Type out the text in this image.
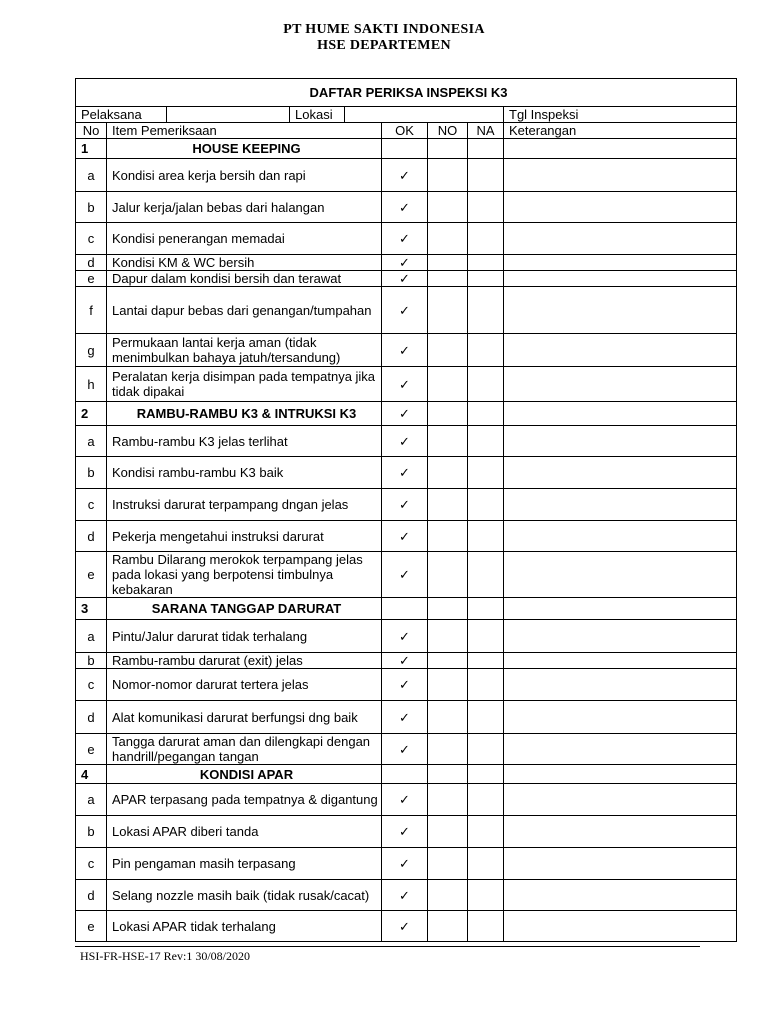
PT HUME SAKTI INDONESIA
HSE DEPARTEMEN
DAFTAR PERIKSA INSPEKSI K3								
Pelaksana			Lokasi					Tgl Inspeksi
No	Item Pemeriksaan				OK	NO	NA	Keterangan
1	HOUSE KEEPING							
a	Kondisi area kerja bersih dan rapi				✓			
b	Jalur kerja/jalan bebas dari halangan				✓			
c	Kondisi penerangan memadai				✓			
d	Kondisi KM & WC bersih				✓			
e	Dapur dalam kondisi bersih dan terawat				✓			
f	Lantai dapur bebas dari genangan/tumpahan				✓			
g	Permukaan lantai kerja aman (tidak menimbulkan bahaya jatuh/tersandung)				✓			
h	Peralatan kerja disimpan pada tempatnya jika tidak dipakai				✓			
2	RAMBU-RAMBU K3 & INTRUKSI K3				✓			
a	Rambu-rambu K3 jelas terlihat				✓			
b	Kondisi rambu-rambu K3 baik				✓			
c	Instruksi darurat terpampang dngan jelas				✓			
d	Pekerja mengetahui instruksi darurat				✓			
e	Rambu Dilarang merokok terpampang jelas pada lokasi yang berpotensi timbulnya kebakaran				✓			
3	SARANA TANGGAP DARURAT							
a	Pintu/Jalur darurat tidak terhalang				✓			
b	Rambu-rambu darurat (exit) jelas				✓			
c	Nomor-nomor darurat tertera jelas				✓			
d	Alat komunikasi darurat berfungsi dng baik				✓			
e	Tangga darurat aman dan dilengkapi dengan handrill/pegangan tangan				✓			
4	KONDISI APAR							
a	APAR terpasang pada tempatnya & digantung				✓			
b	Lokasi APAR diberi tanda				✓			
c	Pin pengaman masih terpasang				✓			
d	Selang nozzle masih baik (tidak rusak/cacat)				✓			
e	Lokasi APAR tidak terhalang				✓			
HSI-FR-HSE-17 Rev:1 30/08/2020
